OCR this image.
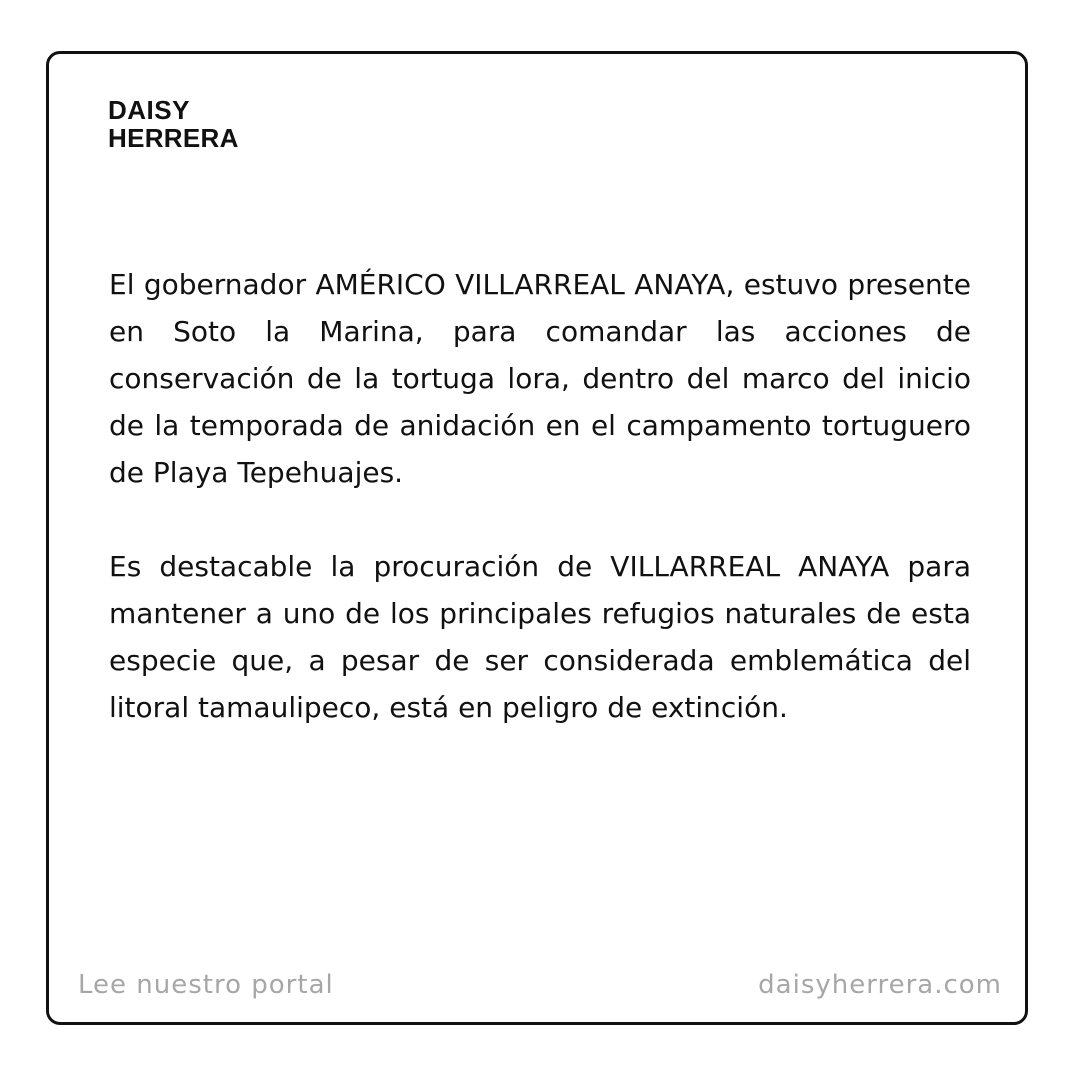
DAISY
HERRERA

El gobernador AMÉRICO VILLARREAL ANAYA, estuvo presente en Soto la Marina, para comandar las acciones de conservación de la tortuga lora, dentro del marco del inicio de la temporada de anidación en el campamento tortuguero de Playa Tepehuajes.

Es destacable la procuración de VILLARREAL ANAYA para mantener a uno de los principales refugios naturales de esta especie que, a pesar de ser considerada emblemática del litoral tamaulipeco, está en peligro de extinción.

Lee nuestro portal	daisyherrera.com
